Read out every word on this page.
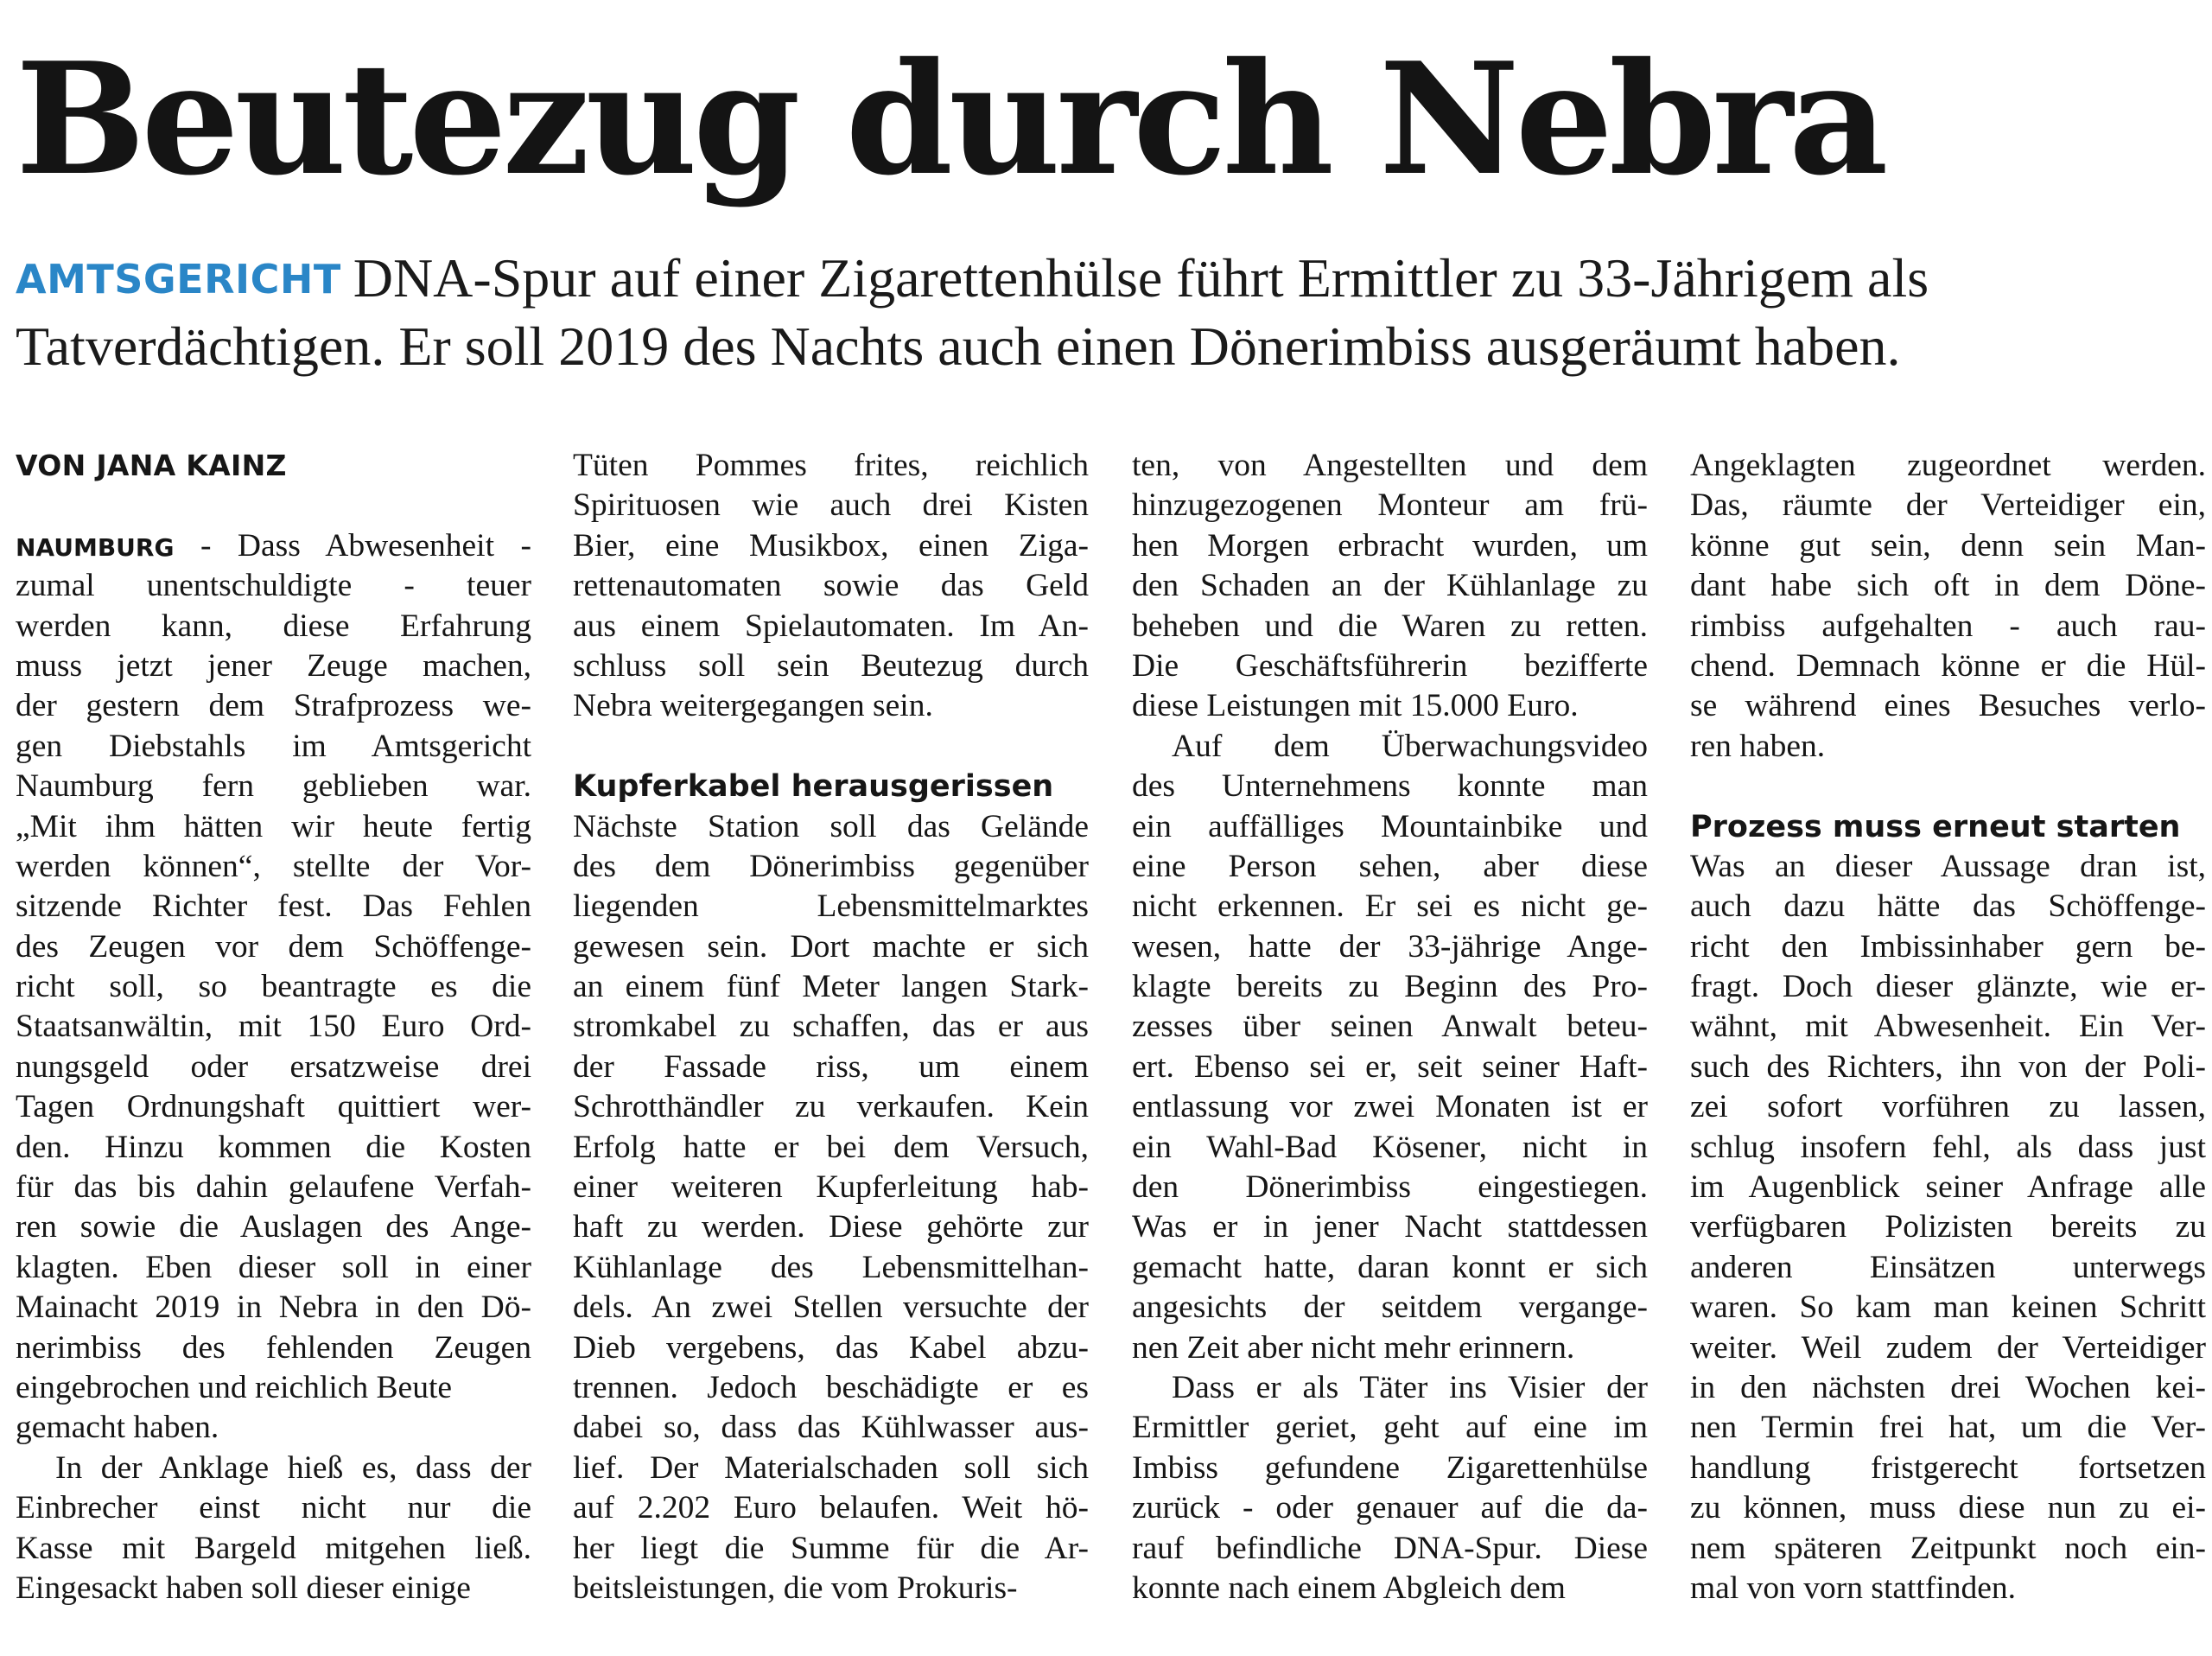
Beutezug durch Nebra

AMTSGERICHT DNA-Spur auf einer Zigarettenhülse führt Ermittler zu 33-Jährigem als
Tatverdächtigen. Er soll 2019 des Nachts auch einen Dönerimbiss ausgeräumt haben.

VON JANA KAINZ
NAUMBURG - Dass Abwesenheit -
zumal unentschuldigte - teuer
werden kann, diese Erfahrung
muss jetzt jener Zeuge machen,
der gestern dem Strafprozess we-
gen Diebstahls im Amtsgericht
Naumburg fern geblieben war.
„Mit ihm hätten wir heute fertig
werden können“, stellte der Vor-
sitzende Richter fest. Das Fehlen
des Zeugen vor dem Schöffenge-
richt soll, so beantragte es die
Staatsanwältin, mit 150 Euro Ord-
nungsgeld oder ersatzweise drei
Tagen Ordnungshaft quittiert wer-
den. Hinzu kommen die Kosten
für das bis dahin gelaufene Verfah-
ren sowie die Auslagen des Ange-
klagten. Eben dieser soll in einer
Mainacht 2019 in Nebra in den Dö-
nerimbiss des fehlenden Zeugen
eingebrochen und reichlich Beute
gemacht haben.
In der Anklage hieß es, dass der
Einbrecher einst nicht nur die
Kasse mit Bargeld mitgehen ließ.
Eingesackt haben soll dieser einige
Tüten Pommes frites, reichlich
Spirituosen wie auch drei Kisten
Bier, eine Musikbox, einen Ziga-
rettenautomaten sowie das Geld
aus einem Spielautomaten. Im An-
schluss soll sein Beutezug durch
Nebra weitergegangen sein.
Kupferkabel herausgerissen
Nächste Station soll das Gelände
des dem Dönerimbiss gegenüber
liegenden Lebensmittelmarktes
gewesen sein. Dort machte er sich
an einem fünf Meter langen Stark-
stromkabel zu schaffen, das er aus
der Fassade riss, um einem
Schrotthändler zu verkaufen. Kein
Erfolg hatte er bei dem Versuch,
einer weiteren Kupferleitung hab-
haft zu werden. Diese gehörte zur
Kühlanlage des Lebensmittelhan-
dels. An zwei Stellen versuchte der
Dieb vergebens, das Kabel abzu-
trennen. Jedoch beschädigte er es
dabei so, dass das Kühlwasser aus-
lief. Der Materialschaden soll sich
auf 2.202 Euro belaufen. Weit hö-
her liegt die Summe für die Ar-
beitsleistungen, die vom Prokuris-
ten, von Angestellten und dem
hinzugezogenen Monteur am frü-
hen Morgen erbracht wurden, um
den Schaden an der Kühlanlage zu
beheben und die Waren zu retten.
Die Geschäftsführerin bezifferte
diese Leistungen mit 15.000 Euro.
Auf dem Überwachungsvideo
des Unternehmens konnte man
ein auffälliges Mountainbike und
eine Person sehen, aber diese
nicht erkennen. Er sei es nicht ge-
wesen, hatte der 33-jährige Ange-
klagte bereits zu Beginn des Pro-
zesses über seinen Anwalt beteu-
ert. Ebenso sei er, seit seiner Haft-
entlassung vor zwei Monaten ist er
ein Wahl-Bad Kösener, nicht in
den Dönerimbiss eingestiegen.
Was er in jener Nacht stattdessen
gemacht hatte, daran konnt er sich
angesichts der seitdem vergange-
nen Zeit aber nicht mehr erinnern.
Dass er als Täter ins Visier der
Ermittler geriet, geht auf eine im
Imbiss gefundene Zigarettenhülse
zurück - oder genauer auf die da-
rauf befindliche DNA-Spur. Diese
konnte nach einem Abgleich dem
Angeklagten zugeordnet werden.
Das, räumte der Verteidiger ein,
könne gut sein, denn sein Man-
dant habe sich oft in dem Döne-
rimbiss aufgehalten - auch rau-
chend. Demnach könne er die Hül-
se während eines Besuches verlo-
ren haben.
Prozess muss erneut starten
Was an dieser Aussage dran ist,
auch dazu hätte das Schöffenge-
richt den Imbissinhaber gern be-
fragt. Doch dieser glänzte, wie er-
wähnt, mit Abwesenheit. Ein Ver-
such des Richters, ihn von der Poli-
zei sofort vorführen zu lassen,
schlug insofern fehl, als dass just
im Augenblick seiner Anfrage alle
verfügbaren Polizisten bereits zu
anderen Einsätzen unterwegs
waren. So kam man keinen Schritt
weiter. Weil zudem der Verteidiger
in den nächsten drei Wochen kei-
nen Termin frei hat, um die Ver-
handlung fristgerecht fortsetzen
zu können, muss diese nun zu ei-
nem späteren Zeitpunkt noch ein-
mal von vorn stattfinden.
